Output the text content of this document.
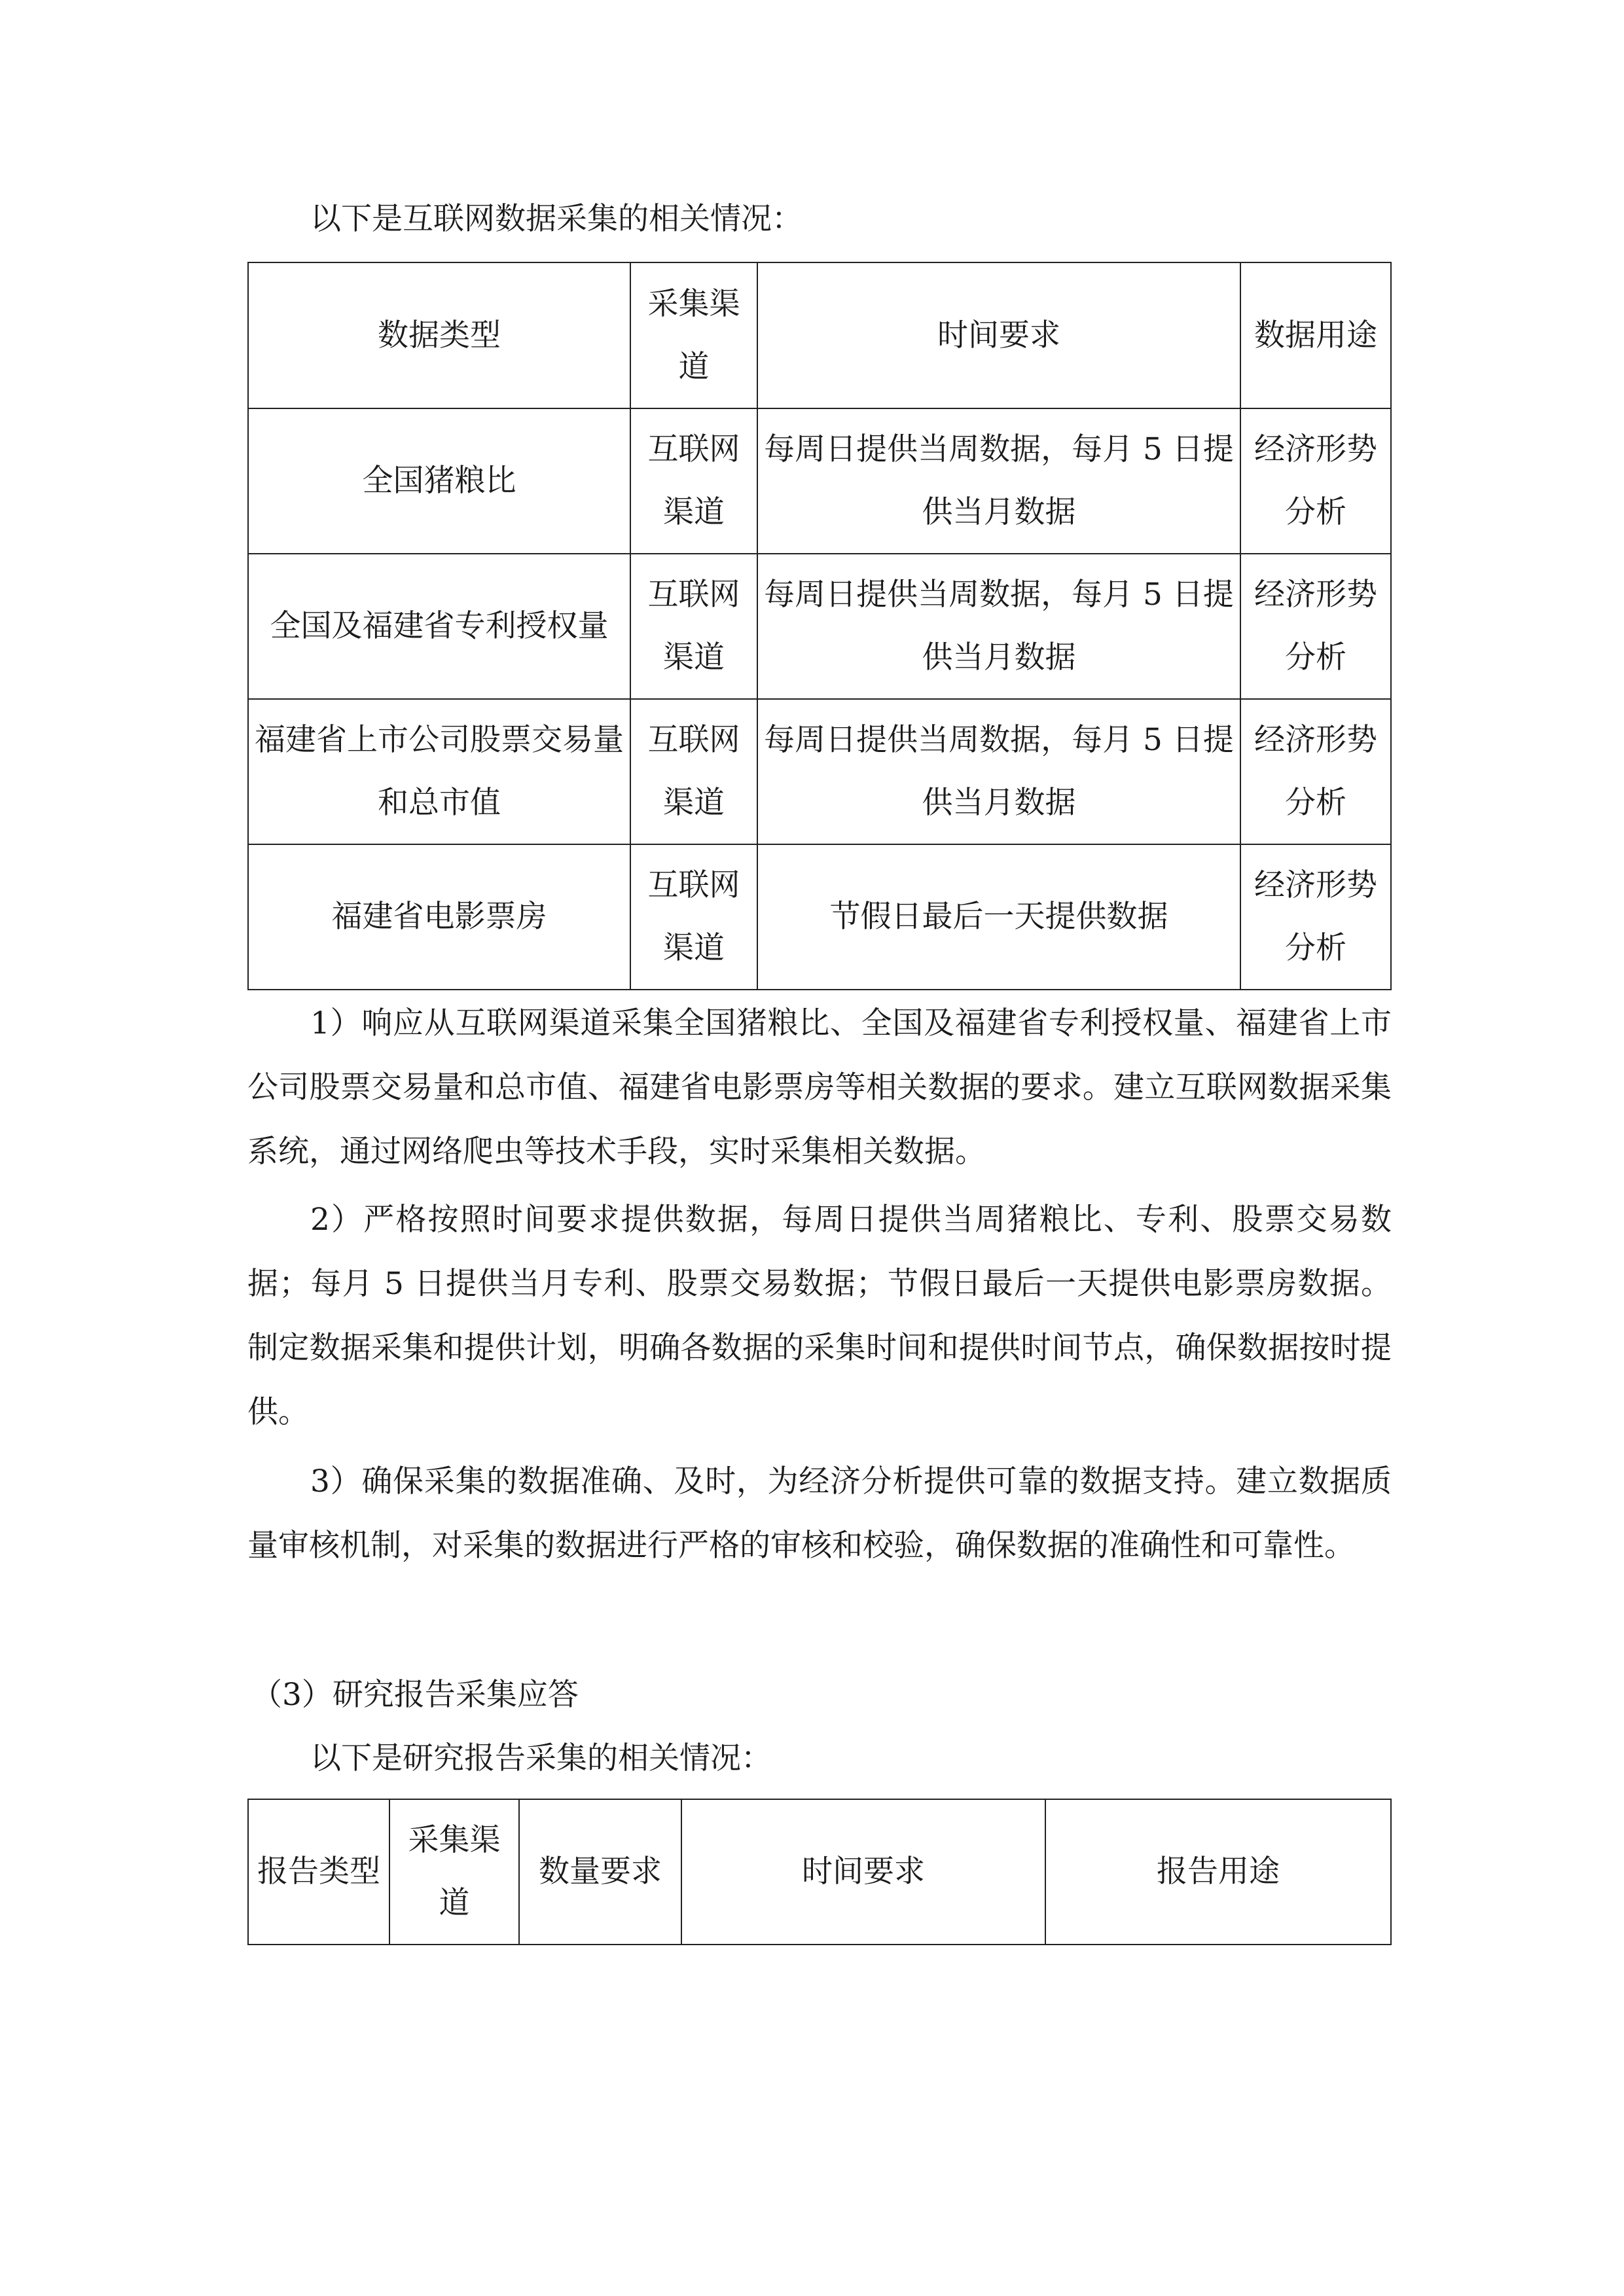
以下是互联网数据采集的相关情况：
数据类型	采集渠道	时间要求	数据用途
全国猪粮比	互联网渠道	每周日提供当周数据，每月 5 日提供当月数据	经济形势分析
全国及福建省专利授权量	互联网渠道	每周日提供当周数据，每月 5 日提供当月数据	经济形势分析
福建省上市公司股票交易量和总市值	互联网渠道	每周日提供当周数据，每月 5 日提供当月数据	经济形势分析
福建省电影票房	互联网渠道	节假日最后一天提供数据	经济形势分析
1）响应从互联网渠道采集全国猪粮比、全国及福建省专利授权量、福建省上市公司股票交易量和总市值、福建省电影票房等相关数据的要求。建立互联网数据采集系统，通过网络爬虫等技术手段，实时采集相关数据。
2）严格按照时间要求提供数据，每周日提供当周猪粮比、专利、股票交易数据；每月 5 日提供当月专利、股票交易数据；节假日最后一天提供电影票房数据。制定数据采集和提供计划，明确各数据的采集时间和提供时间节点，确保数据按时提供。
3）确保采集的数据准确、及时，为经济分析提供可靠的数据支持。建立数据质量审核机制，对采集的数据进行严格的审核和校验，确保数据的准确性和可靠性。
（3）研究报告采集应答
以下是研究报告采集的相关情况：
报告类型	采集渠道	数量要求	时间要求	报告用途
